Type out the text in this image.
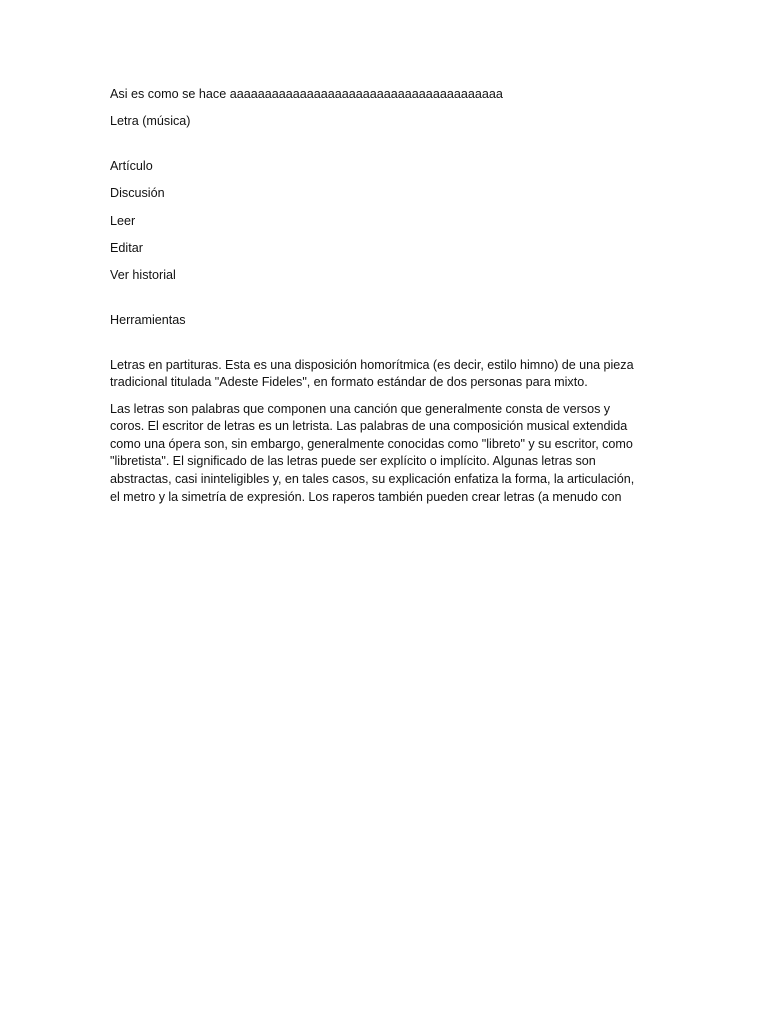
Asi es como se hace aaaaaaaaaaaaaaaaaaaaaaaaaaaaaaaaaaaaaaa
Letra (música)
Artículo
Discusión
Leer
Editar
Ver historial
Herramientas
Letras en partituras. Esta es una disposición homorítmica (es decir, estilo himno) de una pieza
tradicional titulada "Adeste Fideles", en formato estándar de dos personas para mixto.
Las letras son palabras que componen una canción que generalmente consta de versos y
coros. El escritor de letras es un letrista. Las palabras de una composición musical extendida
como una ópera son, sin embargo, generalmente conocidas como "libreto" y su escritor, como
"libretista". El significado de las letras puede ser explícito o implícito. Algunas letras son
abstractas, casi ininteligibles y, en tales casos, su explicación enfatiza la forma, la articulación,
el metro y la simetría de expresión. Los raperos también pueden crear letras (a menudo con
